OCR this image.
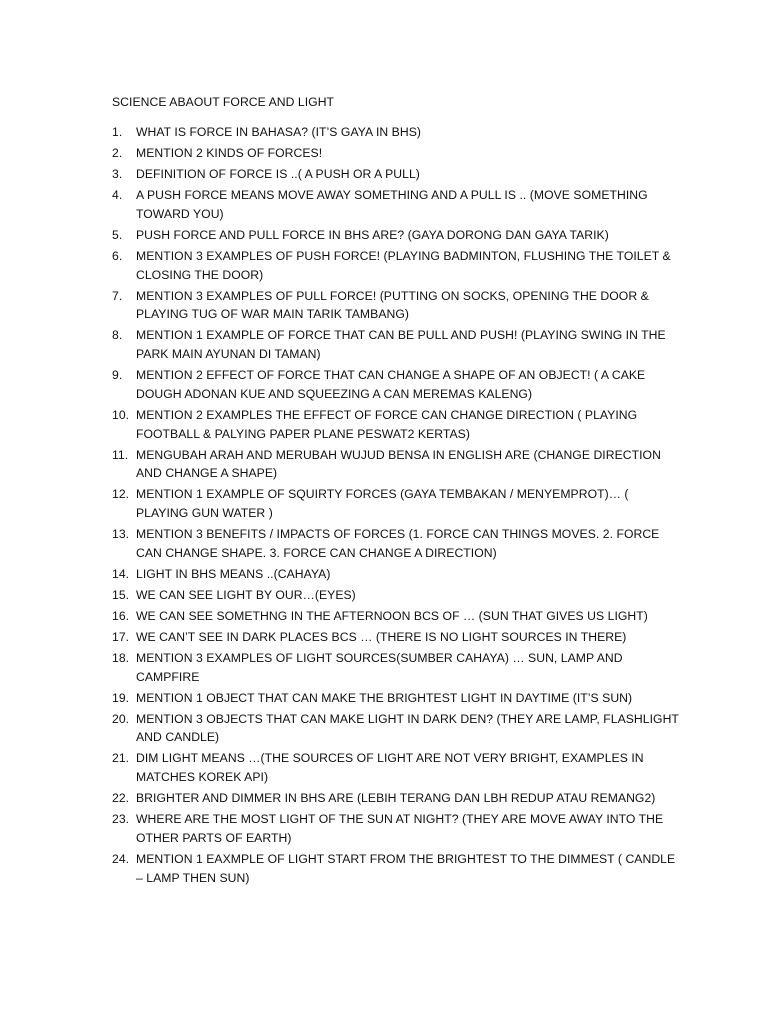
SCIENCE ABAOUT FORCE AND LIGHT
1.	WHAT IS FORCE IN BAHASA? (IT’S GAYA IN BHS)
2.	MENTION 2 KINDS OF FORCES!
3.	DEFINITION OF FORCE IS ..( A PUSH OR A PULL)
4.	A PUSH FORCE MEANS MOVE AWAY SOMETHING AND A PULL IS .. (MOVE SOMETHING TOWARD YOU)
5.	PUSH FORCE AND PULL FORCE IN BHS ARE? (GAYA DORONG DAN GAYA TARIK)
6.	MENTION 3 EXAMPLES OF PUSH FORCE! (PLAYING BADMINTON, FLUSHING THE TOILET & CLOSING THE DOOR)
7.	MENTION 3 EXAMPLES OF PULL FORCE! (PUTTING ON SOCKS, OPENING THE DOOR & PLAYING TUG OF WAR MAIN TARIK TAMBANG)
8.	MENTION 1 EXAMPLE OF FORCE THAT CAN BE PULL AND PUSH! (PLAYING SWING IN THE PARK MAIN AYUNAN DI TAMAN)
9.	MENTION 2 EFFECT OF FORCE THAT CAN CHANGE A SHAPE OF AN OBJECT! ( A CAKE DOUGH ADONAN KUE AND SQUEEZING A CAN MEREMAS KALENG)
10. MENTION 2 EXAMPLES THE EFFECT OF FORCE CAN CHANGE DIRECTION ( PLAYING FOOTBALL & PALYING PAPER PLANE PESWAT2 KERTAS)
11. MENGUBAH ARAH AND MERUBAH WUJUD BENSA IN ENGLISH ARE (CHANGE DIRECTION AND CHANGE A SHAPE)
12. MENTION 1 EXAMPLE OF SQUIRTY FORCES (GAYA TEMBAKAN / MENYEMPROT)… ( PLAYING GUN WATER )
13. MENTION 3 BENEFITS / IMPACTS OF FORCES (1. FORCE CAN THINGS MOVES. 2. FORCE CAN CHANGE SHAPE. 3. FORCE CAN CHANGE A DIRECTION)
14. LIGHT IN BHS MEANS ..(CAHAYA)
15. WE CAN SEE LIGHT BY OUR…(EYES)
16. WE CAN SEE SOMETHNG IN THE AFTERNOON BCS OF … (SUN THAT GIVES US LIGHT)
17. WE CAN’T SEE IN DARK PLACES BCS … (THERE IS NO LIGHT SOURCES IN THERE)
18. MENTION 3 EXAMPLES OF LIGHT SOURCES(SUMBER CAHAYA) … SUN, LAMP AND CAMPFIRE
19. MENTION 1 OBJECT THAT CAN MAKE THE BRIGHTEST LIGHT IN DAYTIME (IT’S SUN)
20. MENTION 3 OBJECTS THAT CAN MAKE LIGHT IN DARK DEN? (THEY ARE LAMP, FLASHLIGHT AND CANDLE)
21. DIM LIGHT MEANS …(THE SOURCES OF LIGHT ARE NOT VERY BRIGHT, EXAMPLES IN MATCHES KOREK API)
22. BRIGHTER AND DIMMER IN BHS ARE (LEBIH TERANG DAN LBH REDUP ATAU REMANG2)
23. WHERE ARE THE MOST LIGHT OF THE SUN AT NIGHT? (THEY ARE MOVE AWAY INTO THE OTHER PARTS OF EARTH)
24. MENTION 1 EAXMPLE OF LIGHT START FROM THE BRIGHTEST TO THE DIMMEST ( CANDLE – LAMP THEN SUN)
